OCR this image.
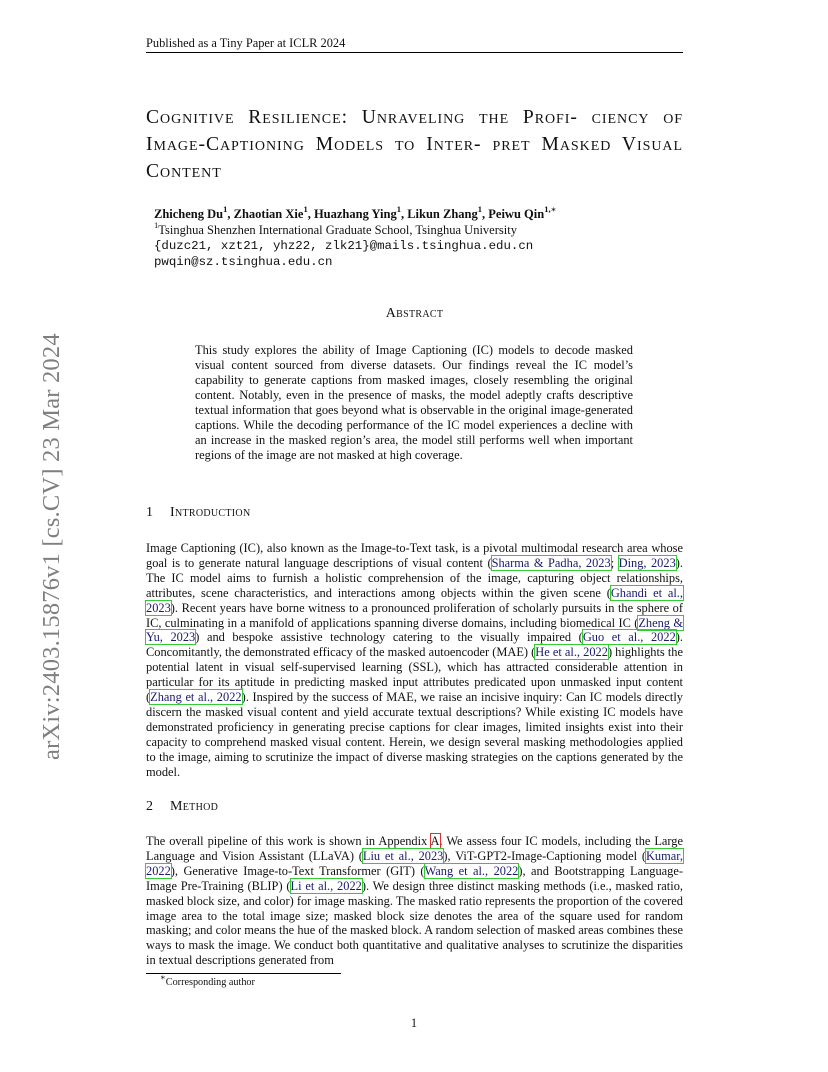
Published as a Tiny Paper at ICLR 2024
arXiv:2403.15876v1 [cs.CV] 23 Mar 2024
Cognitive Resilience: Unraveling the Profi- ciency of Image-Captioning Models to Inter- pret Masked Visual Content
Zhicheng Du$^1$, Zhaotian Xie$^1$, Huazhang Ying$^1$, Likun Zhang$^1$, Peiwu Qin$^{1,∗}$
$^1$Tsinghua Shenzhen International Graduate School, Tsinghua University
{duzc21, xzt21, yhz22, zlk21}@mails.tsinghua.edu.cn
pwqin@sz.tsinghua.edu.cn
Abstract
This study explores the ability of Image Captioning (IC) models to decode masked visual content sourced from diverse datasets. Our findings reveal the IC model’s capability to generate captions from masked images, closely resembling the original content. Notably, even in the presence of masks, the model adeptly crafts descriptive textual information that goes beyond what is observable in the original image-generated captions. While the decoding performance of the IC model experiences a decline with an increase in the masked region’s area, the model still performs well when important regions of the image are not masked at high coverage.
1 Introduction
Image Captioning (IC), also known as the Image-to-Text task, is a pivotal multimodal research area whose goal is to generate natural language descriptions of visual content (Sharma & Padha, 2023; Ding, 2023). The IC model aims to furnish a holistic comprehension of the image, capturing object relationships, attributes, scene characteristics, and interactions among objects within the given scene (Ghandi et al., 2023). Recent years have borne witness to a pronounced proliferation of scholarly pursuits in the sphere of IC, culminating in a manifold of applications spanning diverse domains, including biomedical IC (Zheng & Yu, 2023) and bespoke assistive technology catering to the visually impaired (Guo et al., 2022). Concomitantly, the demonstrated efficacy of the masked autoencoder (MAE) (He et al., 2022) highlights the potential latent in visual self-supervised learning (SSL), which has attracted considerable attention in particular for its aptitude in predicting masked input attributes predicated upon unmasked input content (Zhang et al., 2022). Inspired by the success of MAE, we raise an incisive inquiry: Can IC models directly discern the masked visual content and yield accurate textual descriptions? While existing IC models have demonstrated proficiency in generating precise captions for clear images, limited insights exist into their capacity to comprehend masked visual content. Herein, we design several masking methodologies applied to the image, aiming to scrutinize the impact of diverse masking strategies on the captions generated by the model.
2 Method
The overall pipeline of this work is shown in Appendix A. We assess four IC models, including the Large Language and Vision Assistant (LLaVA) (Liu et al., 2023), ViT-GPT2-Image-Captioning model (Kumar, 2022), Generative Image-to-Text Transformer (GIT) (Wang et al., 2022), and Bootstrapping Language-Image Pre-Training (BLIP) (Li et al., 2022). We design three distinct masking methods (i.e., masked ratio, masked block size, and color) for image masking. The masked ratio represents the proportion of the covered image area to the total image size; masked block size denotes the area of the square used for random masking; and color means the hue of the masked block. A random selection of masked areas combines these ways to mask the image. We conduct both quantitative and qualitative analyses to scrutinize the disparities in textual descriptions generated from
∗Corresponding author
1
